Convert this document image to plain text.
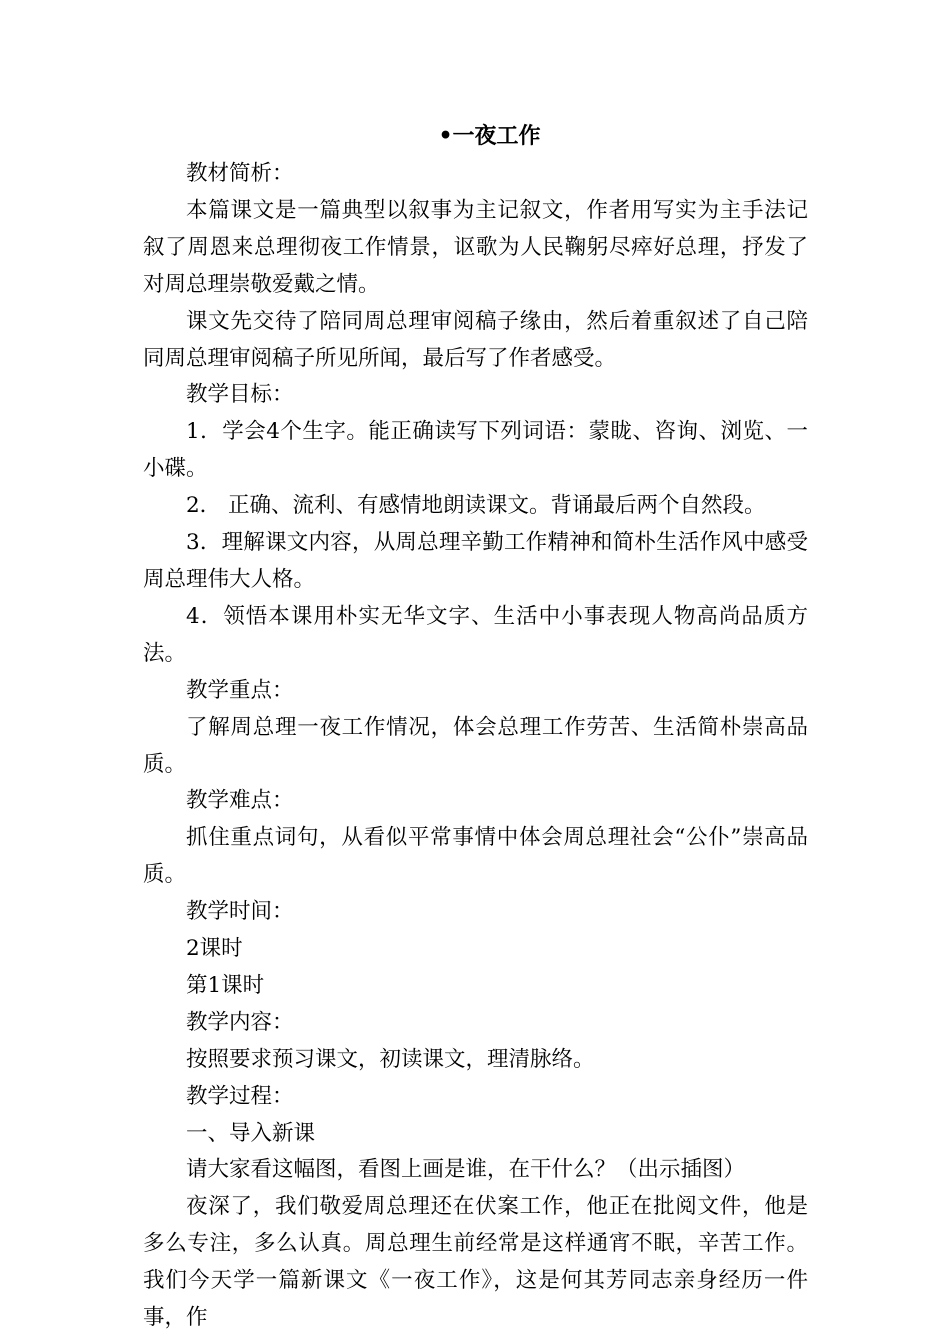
•一夜工作

教材简析：

本篇课文是一篇典型以叙事为主记叙文，作者用写实为主手法记叙了周恩来总理彻夜工作情景，讴歌为人民鞠躬尽瘁好总理，抒发了对周总理崇敬爱戴之情。

课文先交待了陪同周总理审阅稿子缘由，然后着重叙述了自己陪同周总理审阅稿子所见所闻，最后写了作者感受。

教学目标：

1．学会4个生字。能正确读写下列词语：蒙眬、咨询、浏览、一小碟。

2． 正确、流利、有感情地朗读课文。背诵最后两个自然段。

3．理解课文内容，从周总理辛勤工作精神和简朴生活作风中感受周总理伟大人格。

4．领悟本课用朴实无华文字、生活中小事表现人物高尚品质方法。

教学重点：

了解周总理一夜工作情况，体会总理工作劳苦、生活简朴崇高品质。

教学难点：

抓住重点词句，从看似平常事情中体会周总理社会“公仆”崇高品质。

教学时间：

2课时

第1课时

教学内容：

按照要求预习课文，初读课文，理清脉络。

教学过程：

一、导入新课

请大家看这幅图，看图上画是谁，在干什么？（出示插图）

夜深了，我们敬爱周总理还在伏案工作，他正在批阅文件，他是多么专注，多么认真。周总理生前经常是这样通宵不眠，辛苦工作。我们今天学一篇新课文《一夜工作》，这是何其芳同志亲身经历一件事，作
